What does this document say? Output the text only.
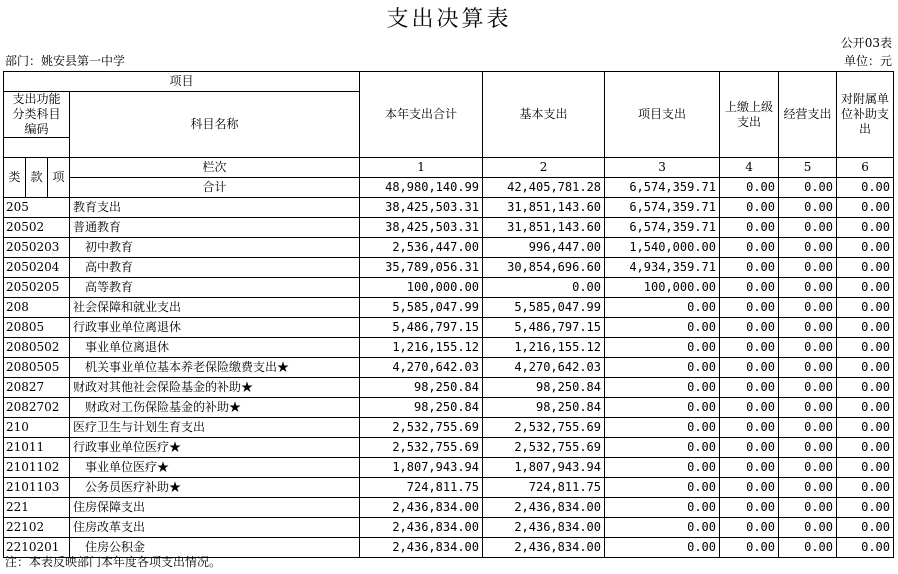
支出决算表
公开03表
部门：姚安县第一中学	单位：元
项目				本年支出合计	基本支出	项目支出	上缴上级支出	经营支出	对附属单位补助支出
支出功能分类科目编码			科目名称						

类	款	项	栏次	1	2	3	4	5	6
			合计	48,980,140.99	42,405,781.28	6,574,359.71	0.00	0.00	0.00
205			教育支出	38,425,503.31	31,851,143.60	6,574,359.71	0.00	0.00	0.00
20502			普通教育	38,425,503.31	31,851,143.60	6,574,359.71	0.00	0.00	0.00
2050203			初中教育	2,536,447.00	996,447.00	1,540,000.00	0.00	0.00	0.00
2050204			高中教育	35,789,056.31	30,854,696.60	4,934,359.71	0.00	0.00	0.00
2050205			高等教育	100,000.00	0.00	100,000.00	0.00	0.00	0.00
208			社会保障和就业支出	5,585,047.99	5,585,047.99	0.00	0.00	0.00	0.00
20805			行政事业单位离退休	5,486,797.15	5,486,797.15	0.00	0.00	0.00	0.00
2080502			事业单位离退休	1,216,155.12	1,216,155.12	0.00	0.00	0.00	0.00
2080505			机关事业单位基本养老保险缴费支出★	4,270,642.03	4,270,642.03	0.00	0.00	0.00	0.00
20827			财政对其他社会保险基金的补助★	98,250.84	98,250.84	0.00	0.00	0.00	0.00
2082702			财政对工伤保险基金的补助★	98,250.84	98,250.84	0.00	0.00	0.00	0.00
210			医疗卫生与计划生育支出	2,532,755.69	2,532,755.69	0.00	0.00	0.00	0.00
21011			行政事业单位医疗★	2,532,755.69	2,532,755.69	0.00	0.00	0.00	0.00
2101102			事业单位医疗★	1,807,943.94	1,807,943.94	0.00	0.00	0.00	0.00
2101103			公务员医疗补助★	724,811.75	724,811.75	0.00	0.00	0.00	0.00
221			住房保障支出	2,436,834.00	2,436,834.00	0.00	0.00	0.00	0.00
22102			住房改革支出	2,436,834.00	2,436,834.00	0.00	0.00	0.00	0.00
2210201			住房公积金	2,436,834.00	2,436,834.00	0.00	0.00	0.00	0.00
注：本表反映部门本年度各项支出情况。
